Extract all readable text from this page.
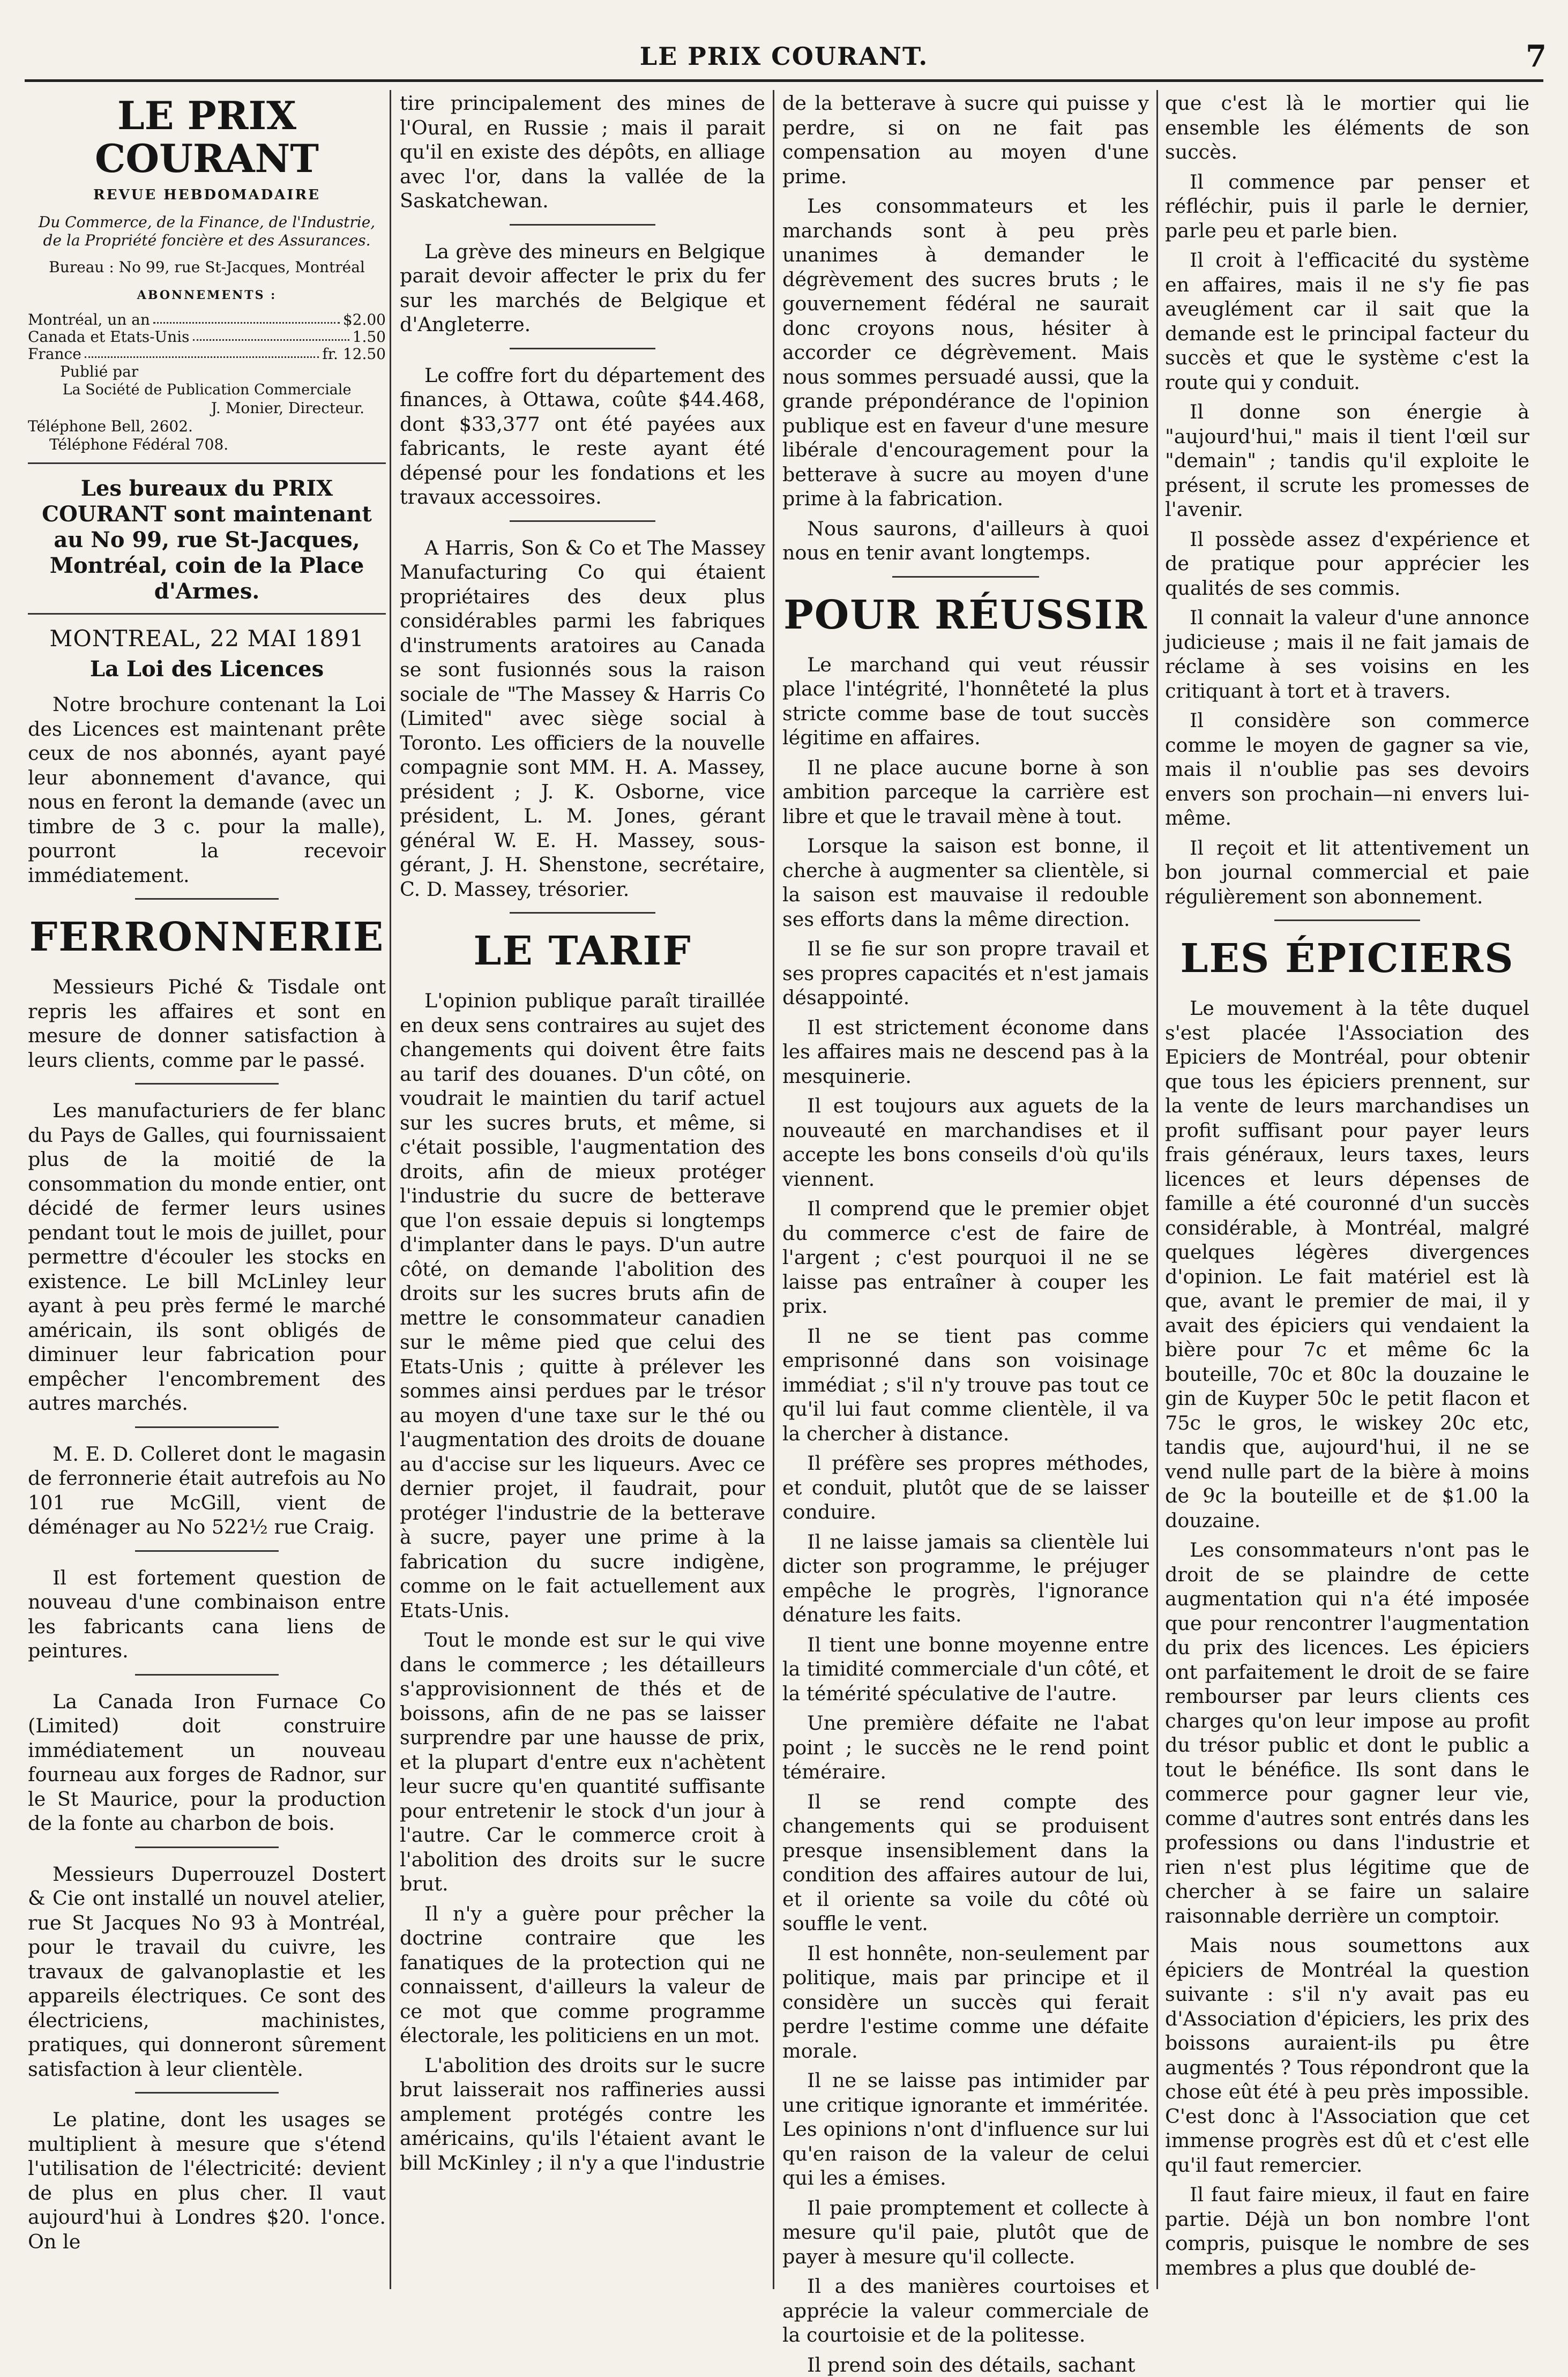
LE PRIX COURANT.	7
LE PRIX COURANT
REVUE HEBDOMADAIRE
Du Commerce, de la Finance, de l'Industrie, de la Propriété foncière et des Assurances.
Bureau : No 99, rue St-Jacques, Montréal
ABONNEMENTS :
Montréal, un an	$2.00
Canada et Etats-Unis	1.50
France	fr. 12.50
Publié par
La Société de Publication Commerciale
J. Monier, Directeur.
Téléphone Bell, 2602.
Téléphone Fédéral 708.
Les bureaux du PRIX COURANT sont maintenant au No 99, rue St-Jacques, Montréal, coin de la Place d'Armes.
MONTREAL, 22 MAI 1891
La Loi des Licences

Notre brochure contenant la Loi des Licences est maintenant prête ceux de nos abonnés, ayant payé leur abonnement d'avance, qui nous en feront la demande (avec un timbre de 3 c. pour la malle), pourront la recevoir immédiatement.

FERRONNERIE

Messieurs Piché & Tisdale ont repris les affaires et sont en mesure de donner satisfaction à leurs clients, comme par le passé.

Les manufacturiers de fer blanc du Pays de Galles, qui fournissaient plus de la moitié de la consommation du monde entier, ont décidé de fermer leurs usines pendant tout le mois de juillet, pour permettre d'écouler les stocks en existence. Le bill McLinley leur ayant à peu près fermé le marché américain, ils sont obligés de diminuer leur fabrication pour empêcher l'encombrement des autres marchés.

M. E. D. Colleret dont le magasin de ferronnerie était autrefois au No 101 rue McGill, vient de déménager au No 522½ rue Craig.

Il est fortement question de nouveau d'une combinaison entre les fabricants cana liens de peintures.

La Canada Iron Furnace Co (Limited) doit construire immédiatement un nouveau fourneau aux forges de Radnor, sur le St Maurice, pour la production de la fonte au charbon de bois.

Messieurs Duperrouzel Dostert & Cie ont installé un nouvel atelier, rue St Jacques No 93 à Montréal, pour le travail du cuivre, les travaux de galvanoplastie et les appareils électriques. Ce sont des électriciens, machinistes, pratiques, qui donneront sûrement satisfaction à leur clientèle.

Le platine, dont les usages se multiplient à mesure que s'étend l'utilisation de l'électricité: devient de plus en plus cher. Il vaut aujourd'hui à Londres $20. l'once. On le

tire principalement des mines de l'Oural, en Russie ; mais il parait qu'il en existe des dépôts, en alliage avec l'or, dans la vallée de la Saskatchewan.

La grève des mineurs en Belgique parait devoir affecter le prix du fer sur les marchés de Belgique et d'Angleterre.

Le coffre fort du département des finances, à Ottawa, coûte $44.468, dont $33,377 ont été payées aux fabricants, le reste ayant été dépensé pour les fondations et les travaux accessoires.

A Harris, Son & Co et The Massey Manufacturing Co qui étaient propriétaires des deux plus considérables parmi les fabriques d'instruments aratoires au Canada se sont fusionnés sous la raison sociale de "The Massey & Harris Co (Limited" avec siège social à Toronto. Les officiers de la nouvelle compagnie sont MM. H. A. Massey, président ; J. K. Osborne, vice président, L. M. Jones, gérant général W. E. H. Massey, sous-gérant, J. H. Shenstone, secrétaire, C. D. Massey, trésorier.

LE TARIF

L'opinion publique paraît tiraillée en deux sens contraires au sujet des changements qui doivent être faits au tarif des douanes. D'un côté, on voudrait le maintien du tarif actuel sur les sucres bruts, et même, si c'était possible, l'augmentation des droits, afin de mieux protéger l'industrie du sucre de betterave que l'on essaie depuis si longtemps d'implanter dans le pays. D'un autre côté, on demande l'abolition des droits sur les sucres bruts afin de mettre le consommateur canadien sur le même pied que celui des Etats-Unis ; quitte à prélever les sommes ainsi perdues par le trésor au moyen d'une taxe sur le thé ou l'augmentation des droits de douane au d'accise sur les liqueurs. Avec ce dernier projet, il faudrait, pour protéger l'industrie de la betterave à sucre, payer une prime à la fabrication du sucre indigène, comme on le fait actuellement aux Etats-Unis.

Tout le monde est sur le qui vive dans le commerce ; les détailleurs s'approvisionnent de thés et de boissons, afin de ne pas se laisser surprendre par une hausse de prix, et la plupart d'entre eux n'achètent leur sucre qu'en quantité suffisante pour entretenir le stock d'un jour à l'autre. Car le commerce croit à l'abolition des droits sur le sucre brut.

Il n'y a guère pour prêcher la doctrine contraire que les fanatiques de la protection qui ne connaissent, d'ailleurs la valeur de ce mot que comme programme électorale, les politiciens en un mot.

L'abolition des droits sur le sucre brut laisserait nos raffineries aussi amplement protégés contre les américains, qu'ils l'étaient avant le bill McKinley ; il n'y a que l'industrie

de la betterave à sucre qui puisse y perdre, si on ne fait pas compensation au moyen d'une prime.

Les consommateurs et les marchands sont à peu près unanimes à demander le dégrèvement des sucres bruts ; le gouvernement fédéral ne saurait donc croyons nous, hésiter à accorder ce dégrèvement. Mais nous sommes persuadé aussi, que la grande prépondérance de l'opinion publique est en faveur d'une mesure libérale d'encouragement pour la betterave à sucre au moyen d'une prime à la fabrication.

Nous saurons, d'ailleurs à quoi nous en tenir avant longtemps.

POUR RÉUSSIR

Le marchand qui veut réussir place l'intégrité, l'honnêteté la plus stricte comme base de tout succès légitime en affaires.

Il ne place aucune borne à son ambition parceque la carrière est libre et que le travail mène à tout.

Lorsque la saison est bonne, il cherche à augmenter sa clientèle, si la saison est mauvaise il redouble ses efforts dans la même direction.

Il se fie sur son propre travail et ses propres capacités et n'est jamais désappointé.

Il est strictement économe dans les affaires mais ne descend pas à la mesquinerie.

Il est toujours aux aguets de la nouveauté en marchandises et il accepte les bons conseils d'où qu'ils viennent.

Il comprend que le premier objet du commerce c'est de faire de l'argent ; c'est pourquoi il ne se laisse pas entraîner à couper les prix.

Il ne se tient pas comme emprisonné dans son voisinage immédiat ; s'il n'y trouve pas tout ce qu'il lui faut comme clientèle, il va la chercher à distance.

Il préfère ses propres méthodes, et conduit, plutôt que de se laisser conduire.

Il ne laisse jamais sa clientèle lui dicter son programme, le préjuger empêche le progrès, l'ignorance dénature les faits.

Il tient une bonne moyenne entre la timidité commerciale d'un côté, et la témérité spéculative de l'autre.

Une première défaite ne l'abat point ; le succès ne le rend point téméraire.

Il se rend compte des changements qui se produisent presque insensiblement dans la condition des affaires autour de lui, et il oriente sa voile du côté où souffle le vent.

Il est honnête, non-seulement par politique, mais par principe et il considère un succès qui ferait perdre l'estime comme une défaite morale.

Il ne se laisse pas intimider par une critique ignorante et imméritée. Les opinions n'ont d'influence sur lui qu'en raison de la valeur de celui qui les a émises.

Il paie promptement et collecte à mesure qu'il paie, plutôt que de payer à mesure qu'il collecte.

Il a des manières courtoises et apprécie la valeur commerciale de la courtoisie et de la politesse.

Il prend soin des détails, sachant

que c'est là le mortier qui lie ensemble les éléments de son succès.

Il commence par penser et réfléchir, puis il parle le dernier, parle peu et parle bien.

Il croit à l'efficacité du système en affaires, mais il ne s'y fie pas aveuglément car il sait que la demande est le principal facteur du succès et que le système c'est la route qui y conduit.

Il donne son énergie à "aujourd'hui," mais il tient l'œil sur "demain" ; tandis qu'il exploite le présent, il scrute les promesses de l'avenir.

Il possède assez d'expérience et de pratique pour apprécier les qualités de ses commis.

Il connait la valeur d'une annonce judicieuse ; mais il ne fait jamais de réclame à ses voisins en les critiquant à tort et à travers.

Il considère son commerce comme le moyen de gagner sa vie, mais il n'oublie pas ses devoirs envers son prochain—ni envers lui-même.

Il reçoit et lit attentivement un bon journal commercial et paie régulièrement son abonnement.

LES ÉPICIERS

Le mouvement à la tête duquel s'est placée l'Association des Epiciers de Montréal, pour obtenir que tous les épiciers prennent, sur la vente de leurs marchandises un profit suffisant pour payer leurs frais généraux, leurs taxes, leurs licences et leurs dépenses de famille a été couronné d'un succès considérable, à Montréal, malgré quelques légères divergences d'opinion. Le fait matériel est là que, avant le premier de mai, il y avait des épiciers qui vendaient la bière pour 7c et même 6c la bouteille, 70c et 80c la douzaine le gin de Kuyper 50c le petit flacon et 75c le gros, le wiskey 20c etc, tandis que, aujourd'hui, il ne se vend nulle part de la bière à moins de 9c la bouteille et de $1.00 la douzaine.

Les consommateurs n'ont pas le droit de se plaindre de cette augmentation qui n'a été imposée que pour rencontrer l'augmentation du prix des licences. Les épiciers ont parfaitement le droit de se faire rembourser par leurs clients ces charges qu'on leur impose au profit du trésor public et dont le public a tout le bénéfice. Ils sont dans le commerce pour gagner leur vie, comme d'autres sont entrés dans les professions ou dans l'industrie et rien n'est plus légitime que de chercher à se faire un salaire raisonnable derrière un comptoir.

Mais nous soumettons aux épiciers de Montréal la question suivante : s'il n'y avait pas eu d'Association d'épiciers, les prix des boissons auraient-ils pu être augmentés ? Tous répondront que la chose eût été à peu près impossible. C'est donc à l'Association que cet immense progrès est dû et c'est elle qu'il faut remercier.

Il faut faire mieux, il faut en faire partie. Déjà un bon nombre l'ont compris, puisque le nombre de ses membres a plus que doublé de-
